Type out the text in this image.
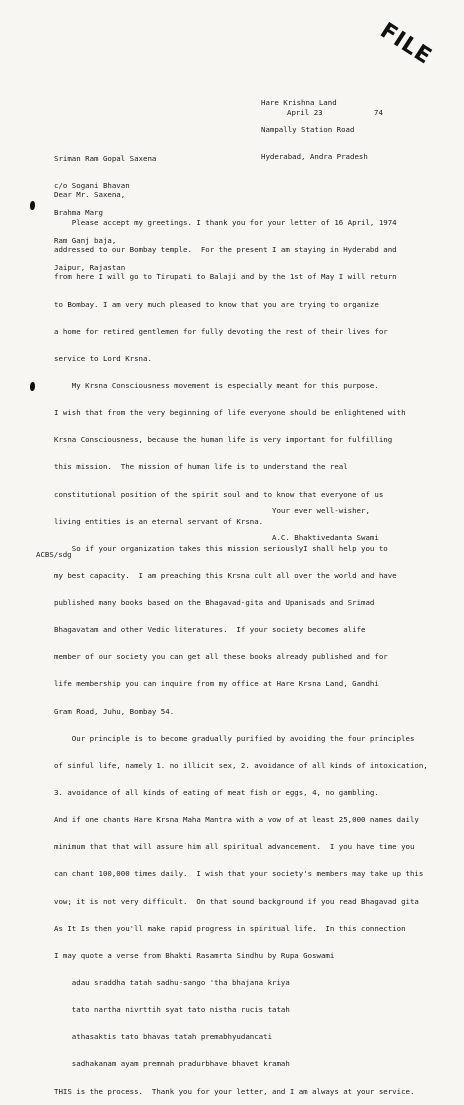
FILE

Hare Krishna Land

Nampally Station Road

Hyderabad, Andra Pradesh

April 23	74

Sriman Ram Gopal Saxena

c/o Sogani Bhavan

Brahma Marg

Ram Ganj baja,

Jaipur, Rajastan

Dear Mr. Saxena,

Please accept my greetings. I thank you for your letter of 16 April, 1974

addressed to our Bombay temple.  For the present I am staying in Hyderabd and

from here I will go to Tirupati to Balaji and by the 1st of May I will return

to Bombay. I am very much pleased to know that you are trying to organize

a home for retired gentlemen for fully devoting the rest of their lives for

service to Lord Krsna.

My Krsna Consciousness movement is especially meant for this purpose.

I wish that from the very beginning of life everyone should be enlightened with

Krsna Consciousness, because the human life is very important for fulfilling

this mission.  The mission of human life is to understand the real

constitutional position of the spirit soul and to know that everyone of us

living entities is an eternal servant of Krsna.

So if your organization takes this mission seriouslyI shall help you to

my best capacity.  I am preaching this Krsna cult all over the world and have

published many books based on the Bhagavad-gita and Upanisads and Srimad

Bhagavatam and other Vedic literatures.  If your society becomes alife

member of our society you can get all these books already published and for

life membership you can inquire from my office at Hare Krsna Land, Gandhi

Gram Road, Juhu, Bombay 54.

Our principle is to become gradually purified by avoiding the four principles

of sinful life, namely 1. no illicit sex, 2. avoidance of all kinds of intoxication,

3. avoidance of all kinds of eating of meat fish or eggs, 4, no gambling.

And if one chants Hare Krsna Maha Mantra with a vow of at least 25,000 names daily

minimum that that will assure him all spiritual advancement.  I you have time you

can chant 100,000 times daily.  I wish that your society's members may take up this

vow; it is not very difficult.  On that sound background if you read Bhagavad gita

As It Is then you'll make rapid progress in spiritual life.  In this connection

I may quote a verse from Bhakti Rasamrta Sindhu by Rupa Goswami

adau sraddha tatah sadhu-sango 'tha bhajana kriya

tato nartha nivrttih syat tato nistha rucis tatah

athasaktis tato bhavas tatah premabhyudancati

sadhakanam ayam premnah pradurbhave bhavet kramah

THIS is the process.  Thank you for your letter, and I am always at your service.

Your ever well-wisher,
A.C. Bhaktivedanta Swami
ACBS/sdg
